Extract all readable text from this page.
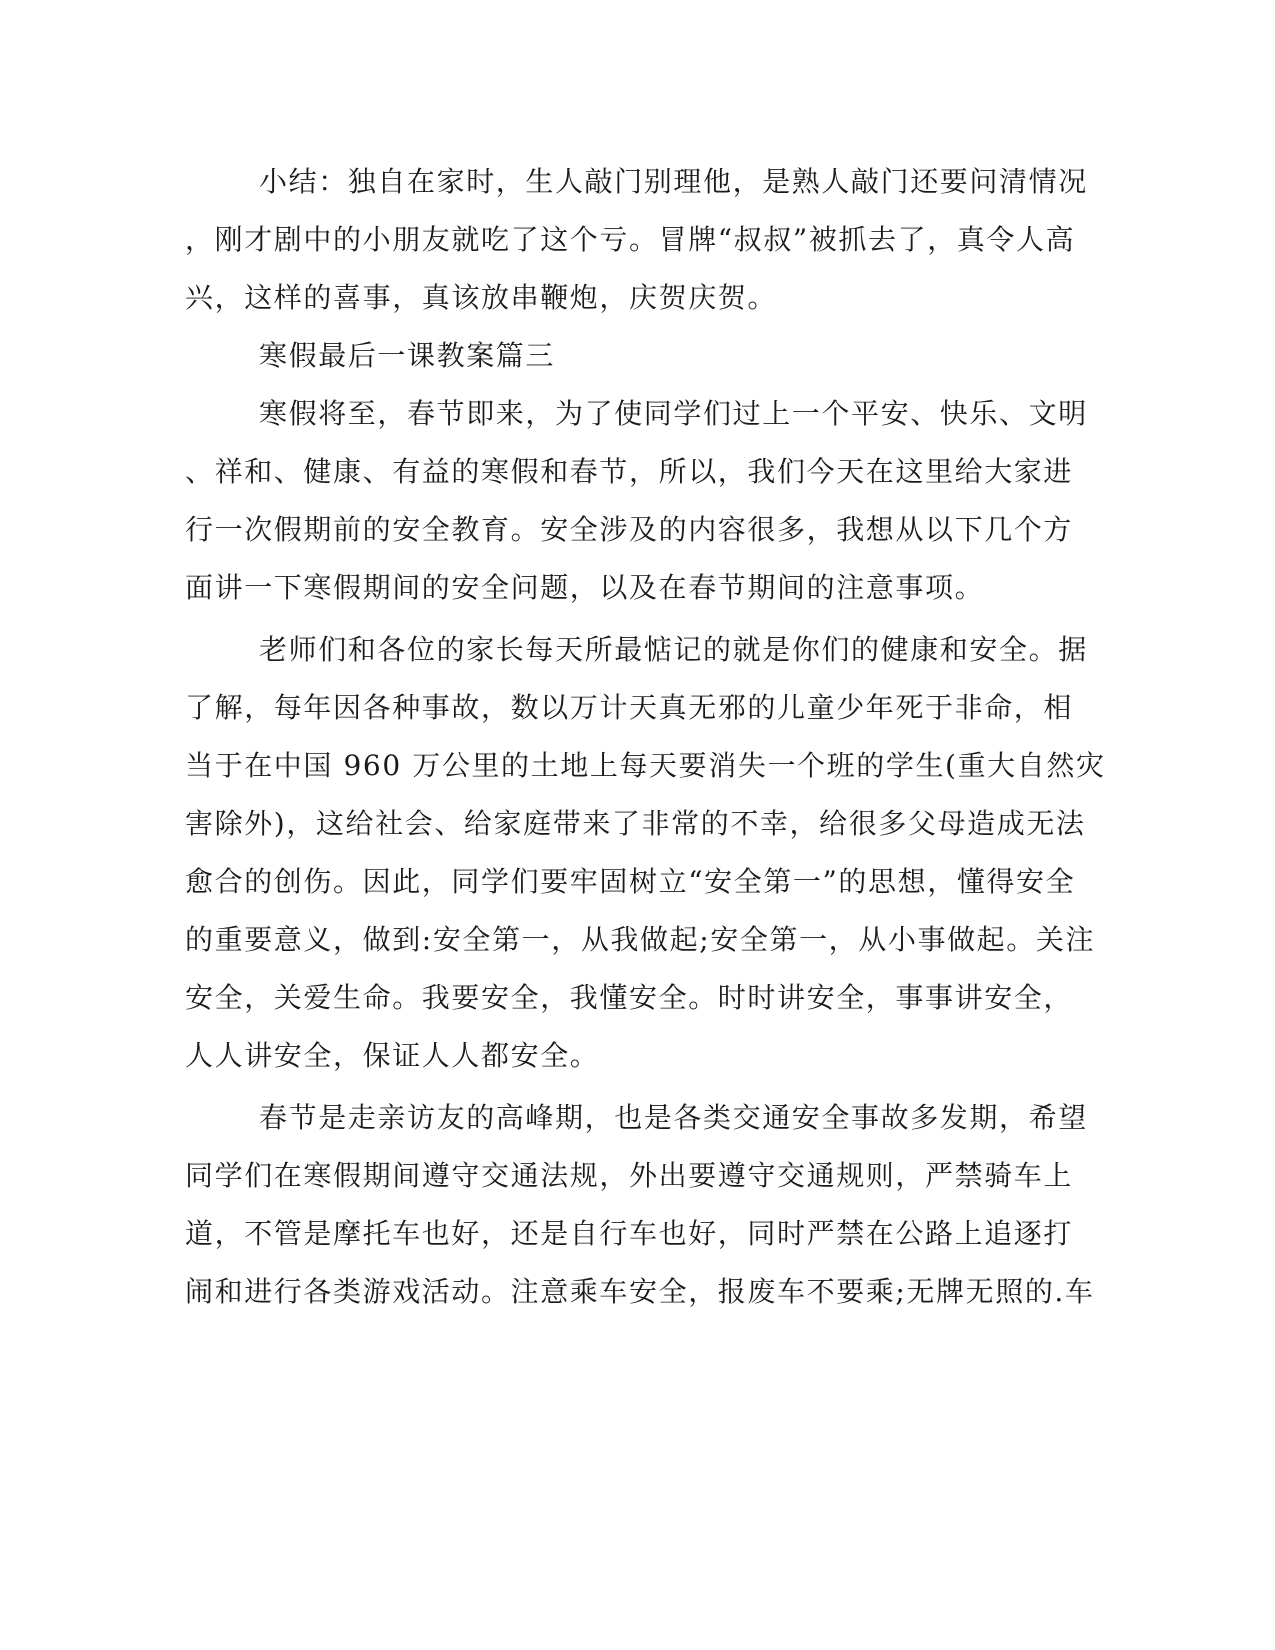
小结：独自在家时，生人敲门别理他，是熟人敲门还要问清情况

，刚才剧中的小朋友就吃了这个亏。冒牌“叔叔”被抓去了，真令人高

兴，这样的喜事，真该放串鞭炮，庆贺庆贺。

寒假最后一课教案篇三

寒假将至，春节即来，为了使同学们过上一个平安、快乐、文明

、祥和、健康、有益的寒假和春节，所以，我们今天在这里给大家进

行一次假期前的安全教育。安全涉及的内容很多，我想从以下几个方

面讲一下寒假期间的安全问题，以及在春节期间的注意事项。

老师们和各位的家长每天所最惦记的就是你们的健康和安全。据

了解，每年因各种事故，数以万计天真无邪的儿童少年死于非命，相

当于在中国 960 万公里的土地上每天要消失一个班的学生(重大自然灾

害除外)，这给社会、给家庭带来了非常的不幸，给很多父母造成无法

愈合的创伤。因此，同学们要牢固树立“安全第一”的思想，懂得安全

的重要意义，做到:安全第一，从我做起;安全第一，从小事做起。关注

安全，关爱生命。我要安全，我懂安全。时时讲安全，事事讲安全，

人人讲安全，保证人人都安全。

春节是走亲访友的高峰期，也是各类交通安全事故多发期，希望

同学们在寒假期间遵守交通法规，外出要遵守交通规则，严禁骑车上

道，不管是摩托车也好，还是自行车也好，同时严禁在公路上追逐打

闹和进行各类游戏活动。注意乘车安全，报废车不要乘;无牌无照的.车
